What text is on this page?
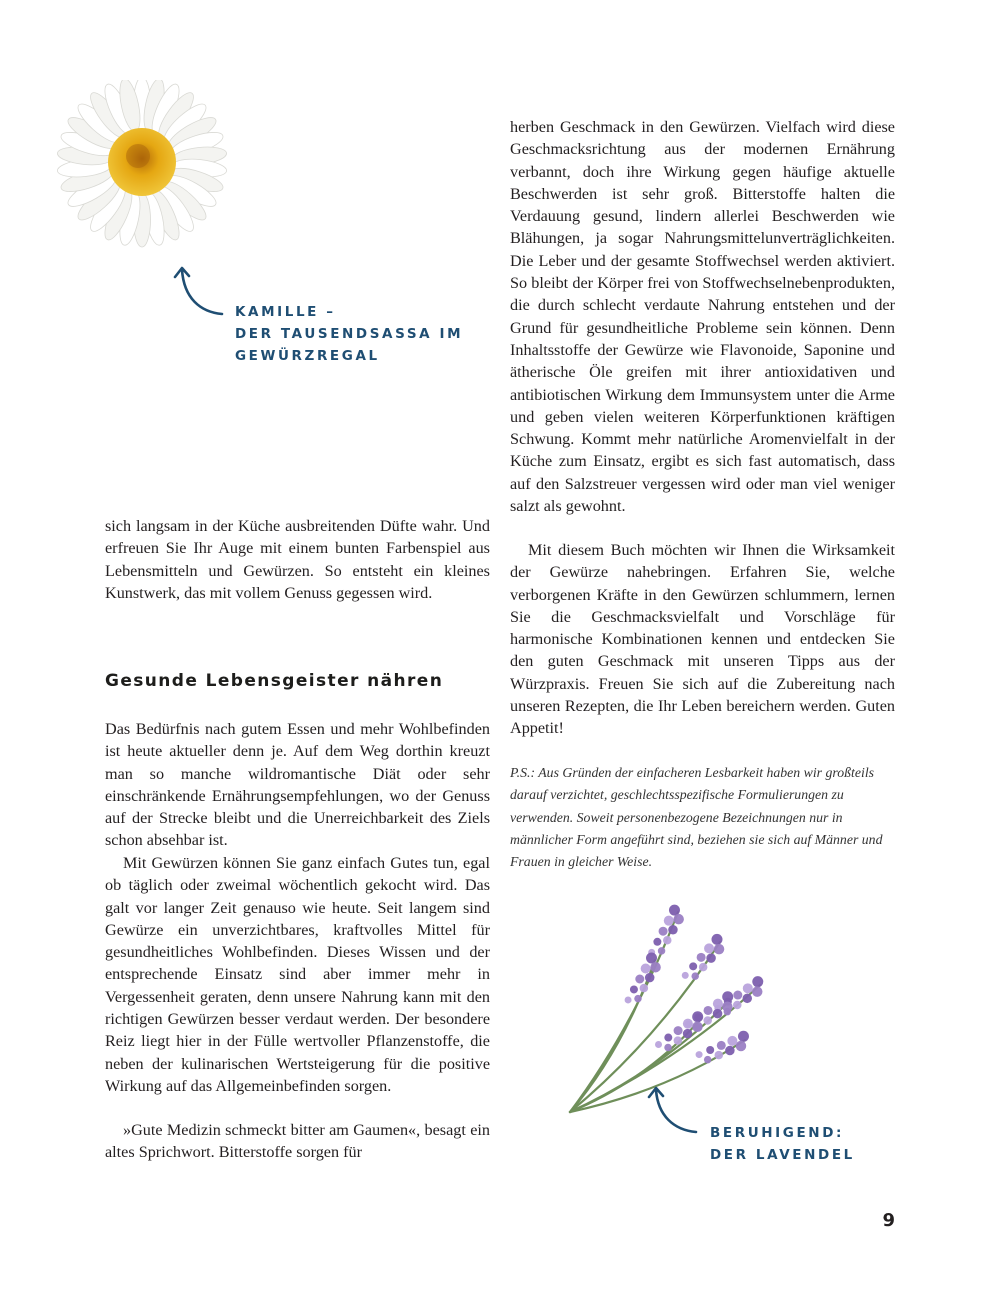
KAMILLE –
DER TAUSENDSASSA IM
GEWÜRZREGAL

sich langsam in der Küche ausbreitenden Düfte wahr. Und erfreuen Sie Ihr Auge mit einem bunten Farbenspiel aus Lebensmitteln und Gewürzen. So entsteht ein kleines Kunstwerk, das mit vollem Genuss gegessen wird.

Gesunde Lebensgeister nähren

Das Bedürfnis nach gutem Essen und mehr Wohlbefinden ist heute aktueller denn je. Auf dem Weg dorthin kreuzt man so manche wildromantische Diät oder sehr einschränkende Ernährungsempfehlungen, wo der Genuss auf der Strecke bleibt und die Unerreichbarkeit des Ziels schon absehbar ist.

Mit Gewürzen können Sie ganz einfach Gutes tun, egal ob täglich oder zweimal wöchentlich gekocht wird. Das galt vor langer Zeit genauso wie heute. Seit langem sind Gewürze ein unverzichtbares, kraftvolles Mittel für gesundheitliches Wohlbefinden. Dieses Wissen und der entsprechende Einsatz sind aber immer mehr in Vergessenheit geraten, denn unsere Nahrung kann mit den richtigen Gewürzen besser verdaut werden. Der besondere Reiz liegt hier in der Fülle wertvoller Pflanzenstoffe, die neben der kulinarischen Wertsteigerung für die positive Wirkung auf das Allgemeinbefinden sorgen.

»Gute Medizin schmeckt bitter am Gaumen«, besagt ein altes Sprichwort. Bitterstoffe sorgen für

herben Geschmack in den Gewürzen. Vielfach wird diese Geschmacksrichtung aus der modernen Ernährung verbannt, doch ihre Wirkung gegen häufige aktuelle Beschwerden ist sehr groß. Bitterstoffe halten die Verdauung gesund, lindern allerlei Beschwerden wie Blähungen, ja sogar Nahrungsmittelunverträglichkeiten. Die Leber und der gesamte Stoffwechsel werden aktiviert. So bleibt der Körper frei von Stoffwechselnebenprodukten, die durch schlecht verdaute Nahrung entstehen und der Grund für gesundheitliche Probleme sein können. Denn Inhaltsstoffe der Gewürze wie Flavonoide, Saponine und ätherische Öle greifen mit ihrer antioxidativen und antibiotischen Wirkung dem Immunsystem unter die Arme und geben vielen weiteren Körperfunktionen kräftigen Schwung. Kommt mehr natürliche Aromenvielfalt in der Küche zum Einsatz, ergibt es sich fast automatisch, dass auf den Salzstreuer vergessen wird oder man viel weniger salzt als gewohnt.

Mit diesem Buch möchten wir Ihnen die Wirksamkeit der Gewürze nahebringen. Erfahren Sie, welche verborgenen Kräfte in den Gewürzen schlummern, lernen Sie die Geschmacksvielfalt und Vorschläge für harmonische Kombinationen kennen und entdecken Sie den guten Geschmack mit unseren Tipps aus der Würzpraxis. Freuen Sie sich auf die Zubereitung nach unseren Rezepten, die Ihr Leben bereichern werden. Guten Appetit!

P.S.: Aus Gründen der einfacheren Lesbarkeit haben wir großteils darauf verzichtet, geschlechtsspezifische Formulierungen zu verwenden. Soweit personenbezogene Bezeichnungen nur in männlicher Form angeführt sind, beziehen sie sich auf Männer und Frauen in gleicher Weise.

BERUHIGEND:
DER LAVENDEL
9
